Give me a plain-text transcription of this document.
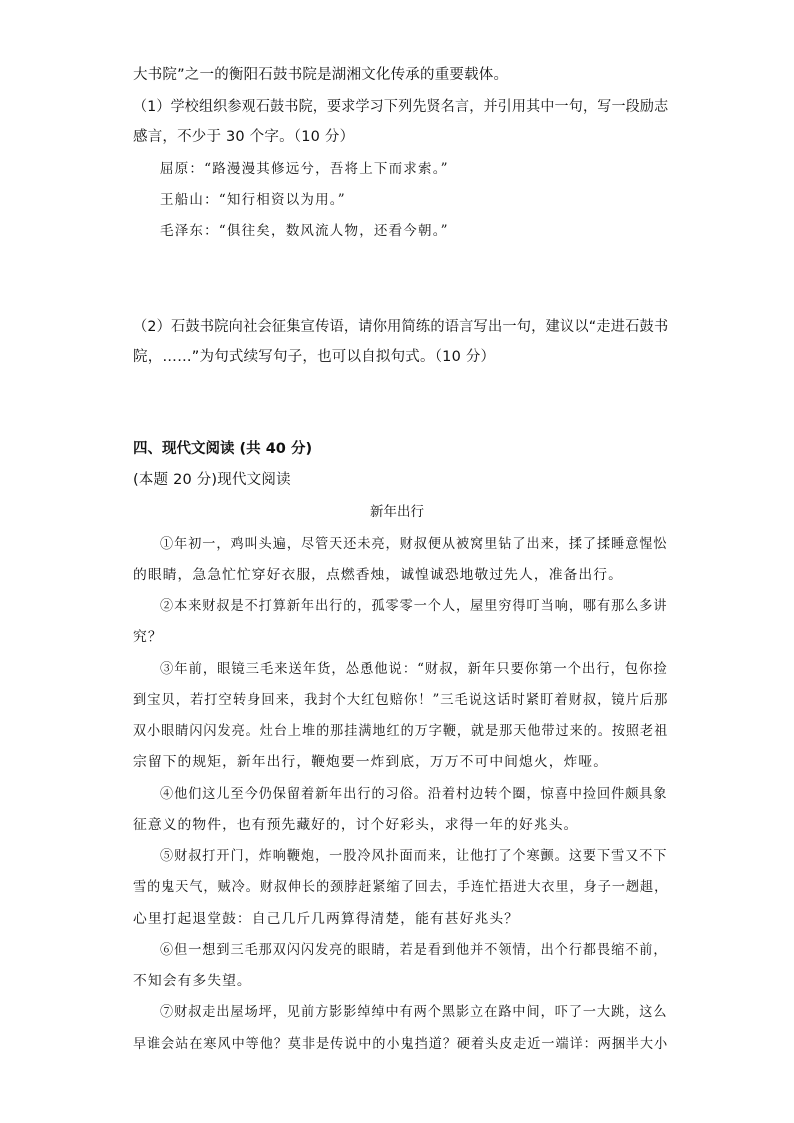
大书院”之一的衡阳石鼓书院是湖湘文化传承的重要载体。
（1）学校组织参观石鼓书院，要求学习下列先贤名言，并引用其中一句，写一段励志
感言，不少于 30 个字。（10 分）
屈原：“路漫漫其修远兮，吾将上下而求索。”
王船山：“知行相资以为用。”
毛泽东：“俱往矣，数风流人物，还看今朝。”
（2）石鼓书院向社会征集宣传语，请你用简练的语言写出一句，建议以“走进石鼓书
院，……”为句式续写句子，也可以自拟句式。（10 分）
四、现代文阅读 (共 40 分)
(本题 20 分)现代文阅读
新年出行
①年初一，鸡叫头遍，尽管天还未亮，财叔便从被窝里钻了出来，揉了揉睡意惺忪
的眼睛，急急忙忙穿好衣服，点燃香烛，诚惶诚恐地敬过先人，准备出行。
②本来财叔是不打算新年出行的，孤零零一个人，屋里穷得叮当响，哪有那么多讲
究？
③年前，眼镜三毛来送年货，怂恿他说：“财叔，新年只要你第一个出行，包你捡
到宝贝，若打空转身回来，我封个大红包赔你！”三毛说这话时紧盯着财叔，镜片后那
双小眼睛闪闪发亮。灶台上堆的那挂满地红的万字鞭，就是那天他带过来的。按照老祖
宗留下的规矩，新年出行，鞭炮要一炸到底，万万不可中间熄火，炸哑。
④他们这儿至今仍保留着新年出行的习俗。沿着村边转个圈，惊喜中捡回件颇具象
征意义的物件，也有预先藏好的，讨个好彩头，求得一年的好兆头。
⑤财叔打开门，炸响鞭炮，一股冷风扑面而来，让他打了个寒颤。这要下雪又不下
雪的鬼天气，贼冷。财叔伸长的颈脖赶紧缩了回去，手连忙捂进大衣里，身子一趔趄，
心里打起退堂鼓：自己几斤几两算得清楚，能有甚好兆头？
⑥但一想到三毛那双闪闪发亮的眼睛，若是看到他并不领情，出个行都畏缩不前，
不知会有多失望。
⑦财叔走出屋场坪，见前方影影绰绰中有两个黑影立在路中间，吓了一大跳，这么
早谁会站在寒风中等他？莫非是传说中的小鬼挡道？硬着头皮走近一端详：两捆半大小
